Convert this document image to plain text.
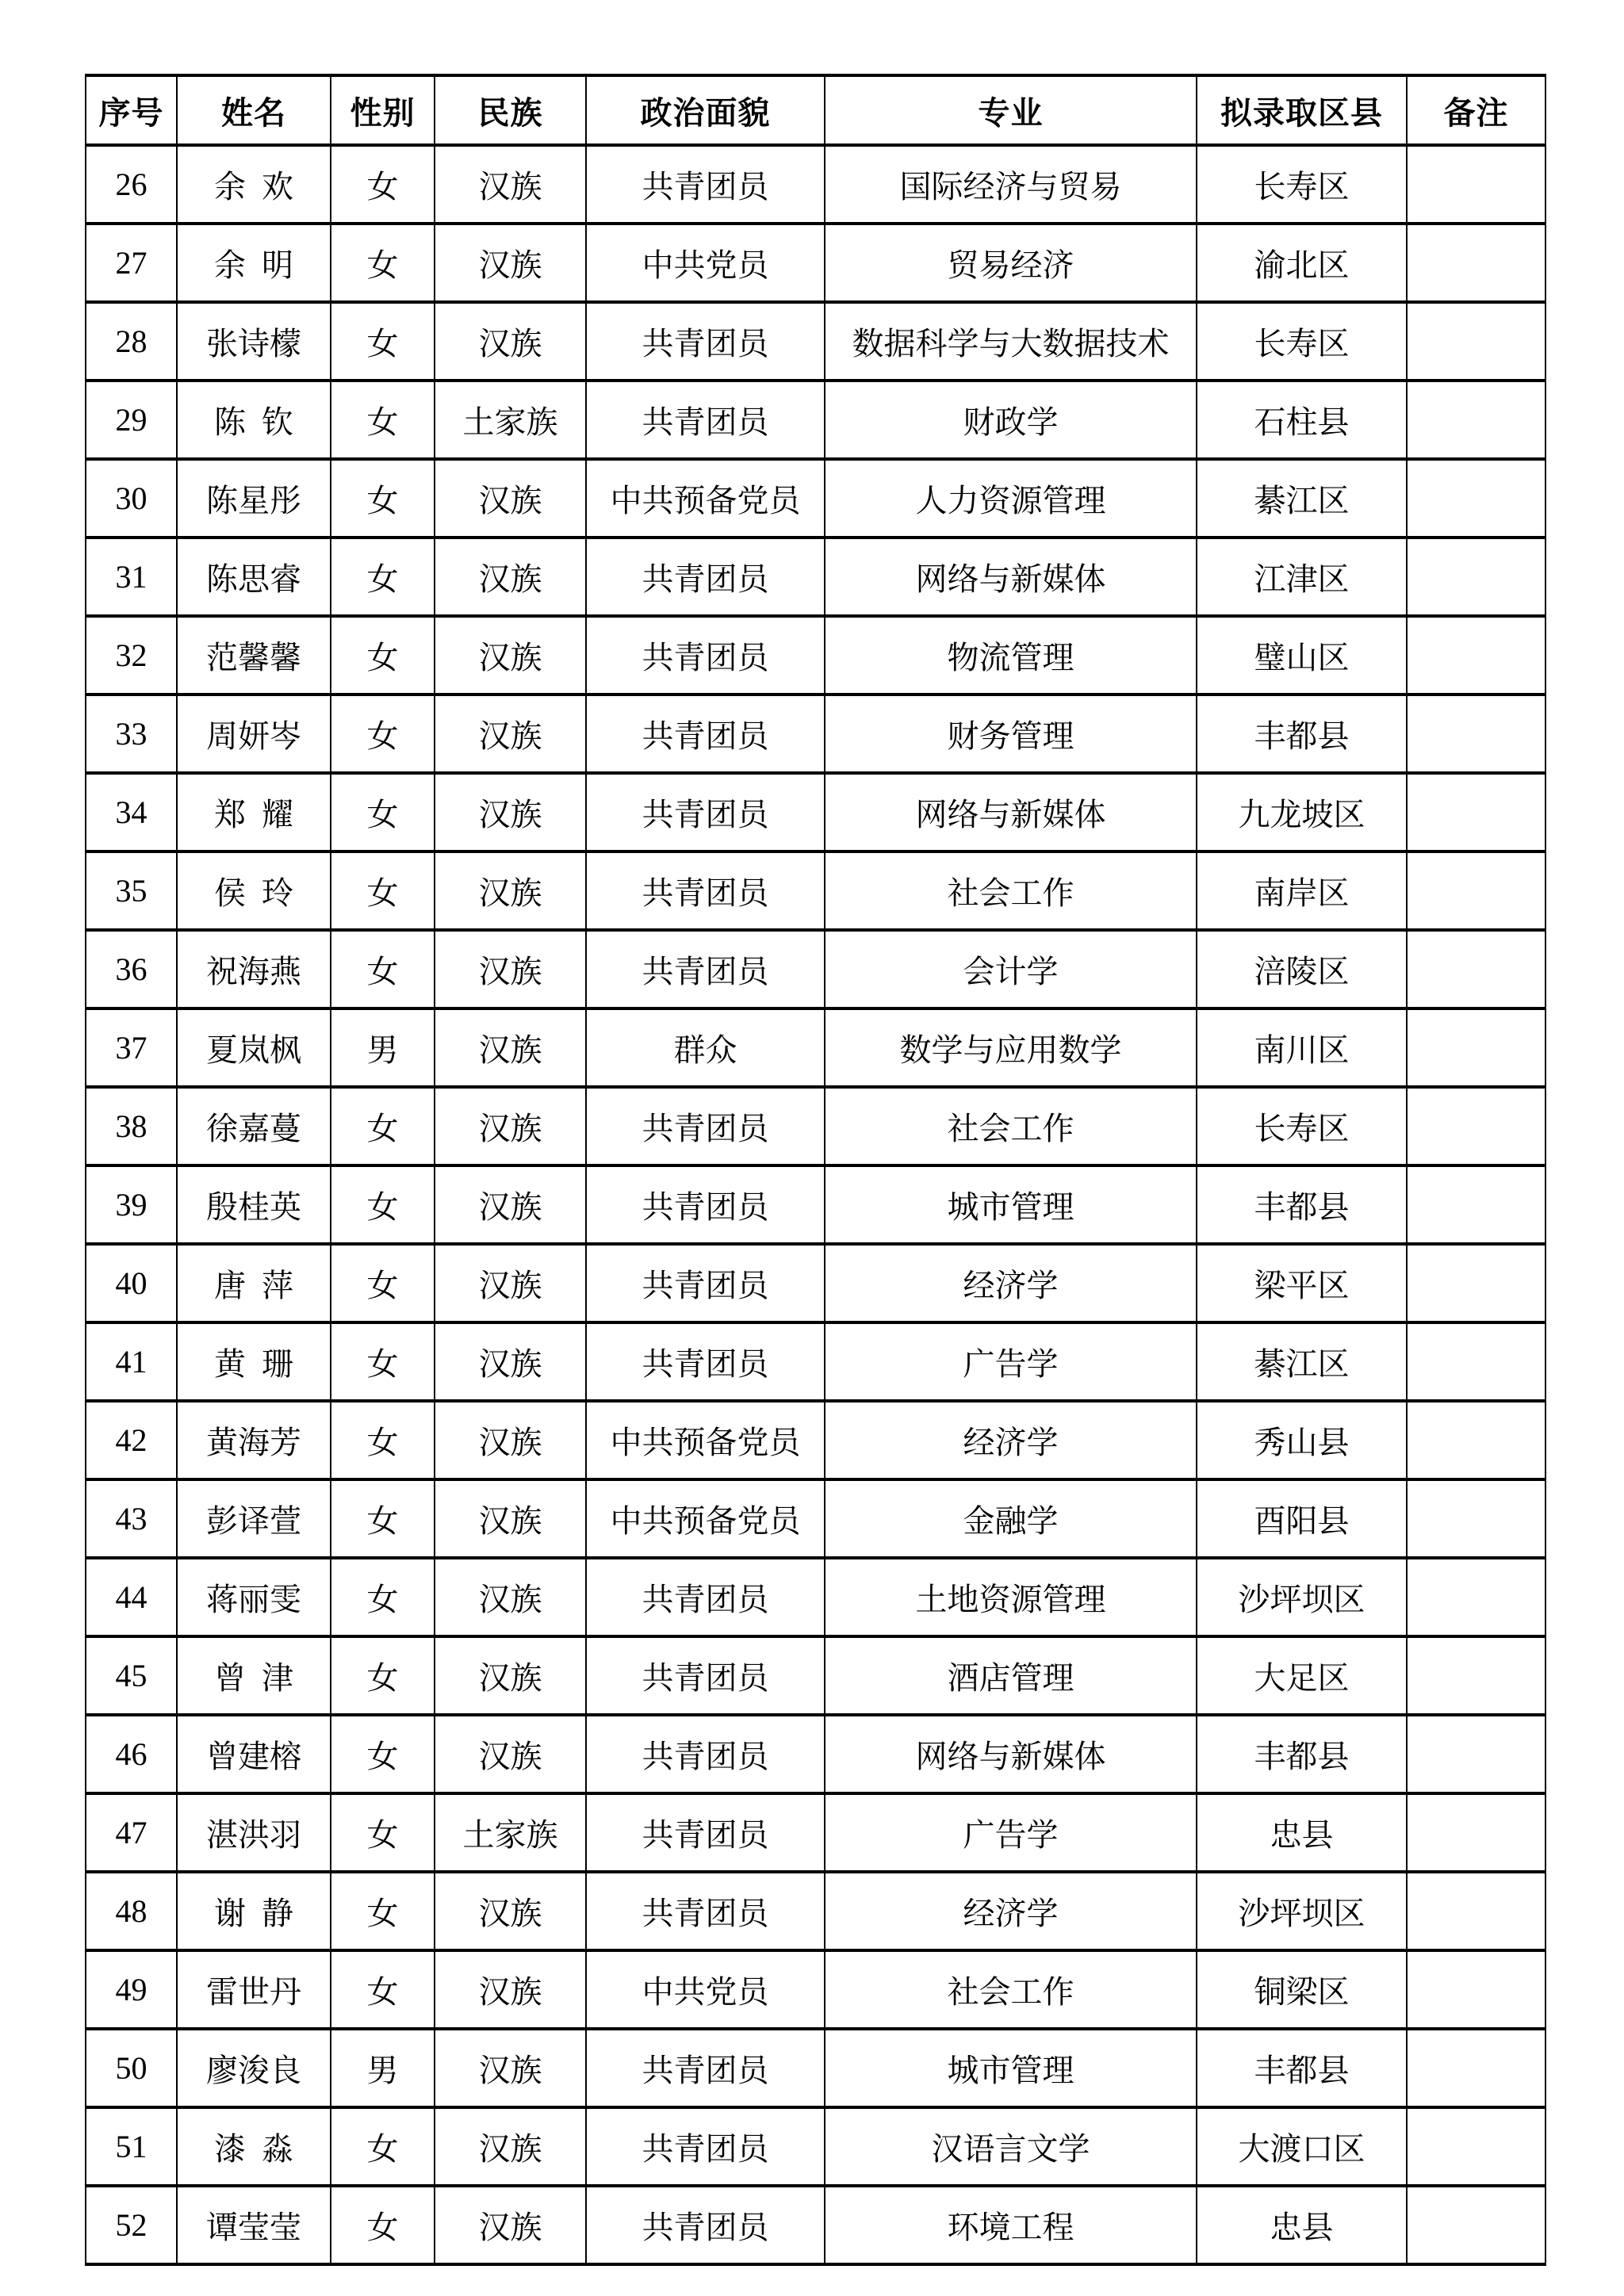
序号	姓名	性别	民族	政治面貌	专业	拟录取区县	备注
26	余 欢	女	汉族	共青团员	国际经济与贸易	长寿区	
27	余 明	女	汉族	中共党员	贸易经济	渝北区	
28	张诗檬	女	汉族	共青团员	数据科学与大数据技术	长寿区	
29	陈 钦	女	土家族	共青团员	财政学	石柱县	
30	陈星彤	女	汉族	中共预备党员	人力资源管理	綦江区	
31	陈思睿	女	汉族	共青团员	网络与新媒体	江津区	
32	范馨馨	女	汉族	共青团员	物流管理	璧山区	
33	周妍岑	女	汉族	共青团员	财务管理	丰都县	
34	郑 耀	女	汉族	共青团员	网络与新媒体	九龙坡区	
35	侯 玲	女	汉族	共青团员	社会工作	南岸区	
36	祝海燕	女	汉族	共青团员	会计学	涪陵区	
37	夏岚枫	男	汉族	群众	数学与应用数学	南川区	
38	徐嘉蔓	女	汉族	共青团员	社会工作	长寿区	
39	殷桂英	女	汉族	共青团员	城市管理	丰都县	
40	唐 萍	女	汉族	共青团员	经济学	梁平区	
41	黄 珊	女	汉族	共青团员	广告学	綦江区	
42	黄海芳	女	汉族	中共预备党员	经济学	秀山县	
43	彭译萱	女	汉族	中共预备党员	金融学	酉阳县	
44	蒋丽雯	女	汉族	共青团员	土地资源管理	沙坪坝区	
45	曾 津	女	汉族	共青团员	酒店管理	大足区	
46	曾建榕	女	汉族	共青团员	网络与新媒体	丰都县	
47	湛洪羽	女	土家族	共青团员	广告学	忠县	
48	谢 静	女	汉族	共青团员	经济学	沙坪坝区	
49	雷世丹	女	汉族	中共党员	社会工作	铜梁区	
50	廖浚良	男	汉族	共青团员	城市管理	丰都县	
51	漆 淼	女	汉族	共青团员	汉语言文学	大渡口区	
52	谭莹莹	女	汉族	共青团员	环境工程	忠县	
